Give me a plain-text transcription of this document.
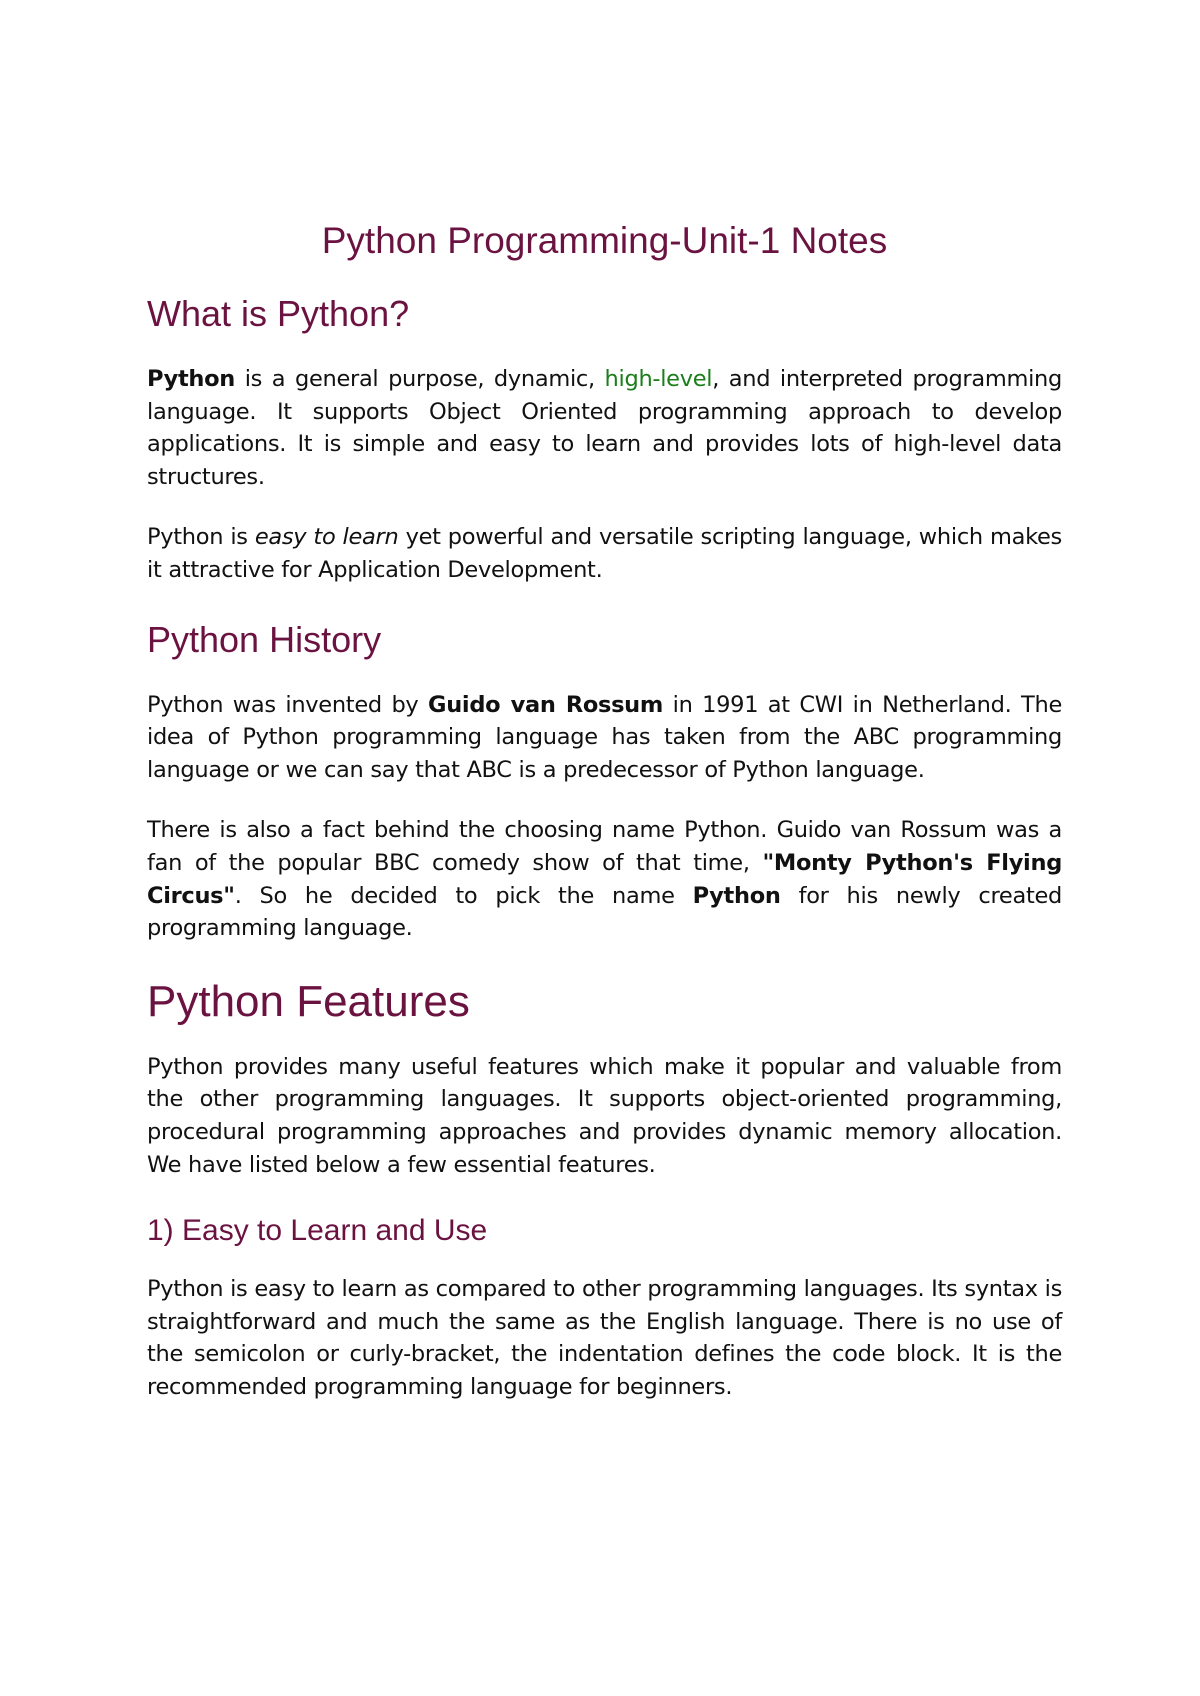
Python Programming-Unit-1 Notes
What is Python?

Python is a general purpose, dynamic, high-level, and interpreted programming language. It supports Object Oriented programming approach to develop applications. It is simple and easy to learn and provides lots of high-level data structures.

Python is easy to learn yet powerful and versatile scripting language, which makes it attractive for Application Development.

Python History

Python was invented by Guido van Rossum in 1991 at CWI in Netherland. The idea of Python programming language has taken from the ABC programming language or we can say that ABC is a predecessor of Python language.

There is also a fact behind the choosing name Python. Guido van Rossum was a fan of the popular BBC comedy show of that time, "Monty Python's Flying Circus". So he decided to pick the name Python for his newly created programming language.

Python Features

Python provides many useful features which make it popular and valuable from the other programming languages. It supports object-oriented programming, procedural programming approaches and provides dynamic memory allocation. We have listed below a few essential features.

1) Easy to Learn and Use

Python is easy to learn as compared to other programming languages. Its syntax is straightforward and much the same as the English language. There is no use of the semicolon or curly-bracket, the indentation defines the code block. It is the recommended programming language for beginners.
